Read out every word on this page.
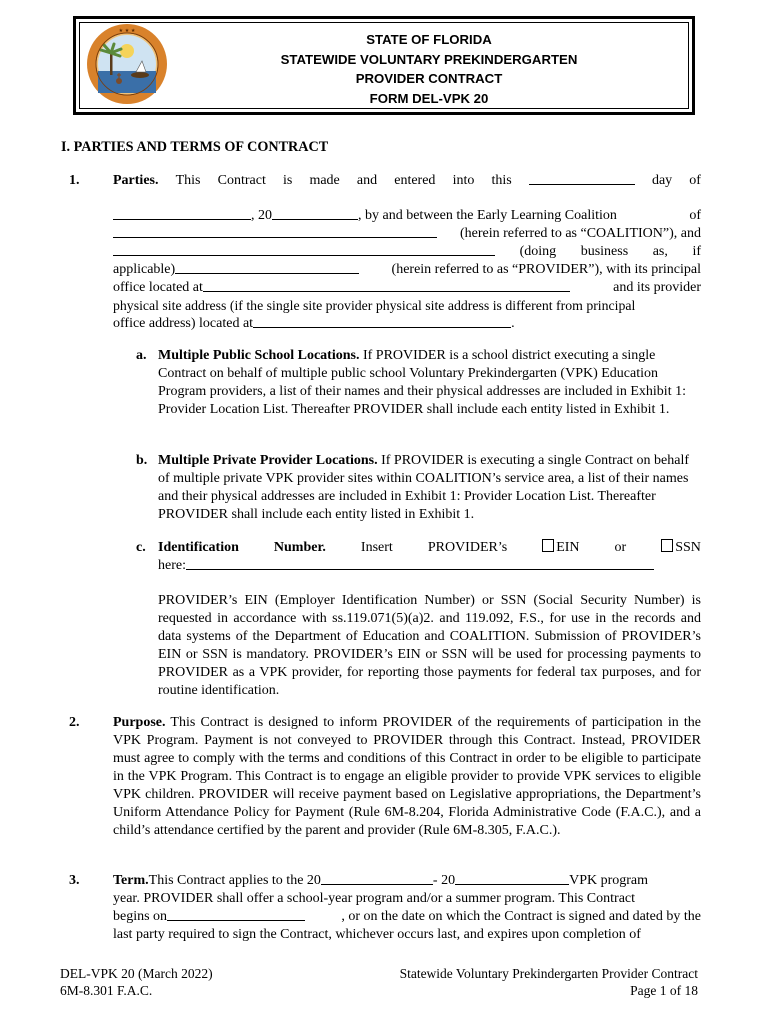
★ ★ ★
STATE OF FLORIDA
STATEWIDE VOLUNTARY PREKINDERGARTEN
PROVIDER CONTRACT
FORM DEL-VPK 20
I. PARTIES AND TERMS OF CONTRACT
1. Parties. This Contract is made and entered into this	day of
, 20	, by and between the Early Learning Coalition	of
(herein referred to as “COALITION”), and
(doing business as, if
applicable)	(herein referred to as “PROVIDER”), with its principal
office located at	and its provider
physical site address (if the single site provider physical site address is different from principal
office address) located at	.
a. Multiple Public School Locations. If PROVIDER is a school district executing a single Contract on behalf of multiple public school Voluntary Prekindergarten (VPK) Education Program providers, a list of their names and their physical addresses are included in Exhibit 1: Provider Location List. Thereafter PROVIDER shall include each entity listed in Exhibit 1.
b. Multiple Private Provider Locations. If PROVIDER is executing a single Contract on behalf of multiple private VPK provider sites within COALITION’s service area, a list of their names and their physical addresses are included in Exhibit 1: Provider Location List. Thereafter PROVIDER shall include each entity listed in Exhibit 1.
c. Identification	Number.	Insert	PROVIDER’s	EIN	or	SSN
here:
PROVIDER’s EIN (Employer Identification Number) or SSN (Social Security Number) is requested in accordance with ss.119.071(5)(a)2. and 119.092, F.S., for use in the records and data systems of the Department of Education and COALITION. Submission of PROVIDER’s EIN or SSN is mandatory. PROVIDER’s EIN or SSN will be used for processing payments to PROVIDER as a VPK provider, for reporting those payments for federal tax purposes, and for routine identification.
2. Purpose. This Contract is designed to inform PROVIDER of the requirements of participation in the VPK Program. Payment is not conveyed to PROVIDER through this Contract. Instead, PROVIDER must agree to comply with the terms and conditions of this Contract in order to be eligible to participate in the VPK Program. This Contract is to engage an eligible provider to provide VPK services to eligible VPK children. PROVIDER will receive payment based on Legislative appropriations, the Department’s Uniform Attendance Policy for Payment (Rule 6M-8.204, Florida Administrative Code (F.A.C.), and a child’s attendance certified by the parent and provider (Rule 6M-8.305, F.A.C.).
3. Term. This Contract applies to the 20	- 20	VPK program
year. PROVIDER shall offer a school-year program and/or a summer program. This Contract
begins on	, or on the date on which the Contract is signed and dated by the
last party required to sign the Contract, whichever occurs last, and expires upon completion of
DEL-VPK 20 (March 2022)
6M-8.301 F.A.C.
Statewide Voluntary Prekindergarten Provider Contract
Page 1 of 18
